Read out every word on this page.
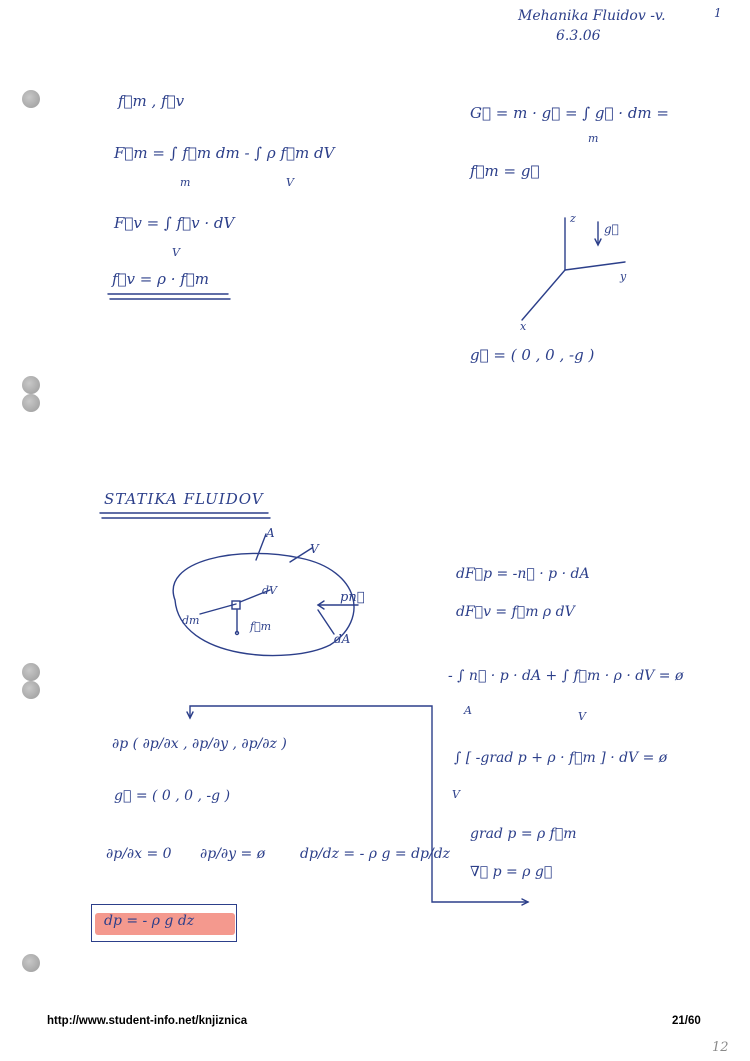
Mehanika Fluidov -v.	1
6.3.06
f⃗m , f⃗v
F⃗m = ∫ f⃗m dm - ∫ ρ f⃗m dV
m	V
F⃗v = ∫ f⃗v · dV
V
f⃗v = ρ · f⃗m
G⃗ = m · g⃗ = ∫ g⃗ · dm =
m
f⃗m = g⃗
z
g⃗
y
x
g⃗ = ( 0 , 0 , -g )
STATIKA FLUIDOV
A
V
dV
dm	f⃗m
pn⃗
dA
dF⃗p = -n⃗ · p · dA
dF⃗v = f⃗m ρ dV
- ∫ n⃗ · p · dA + ∫ f⃗m · ρ · dV = ø
A	V
∫ [ -grad p + ρ · f⃗m ] · dV = ø
V
grad p = ρ f⃗m
∇⃗ p = ρ g⃗
∂p ( ∂p/∂x , ∂p/∂y , ∂p/∂z )
g⃗ = ( 0 , 0 , -g )
∂p/∂x = 0 ∂p/∂y = ø dp/dz = - ρ g = dp/dz
dp = - ρ g dz
http://www.student-info.net/knjiznica	21/60
12
